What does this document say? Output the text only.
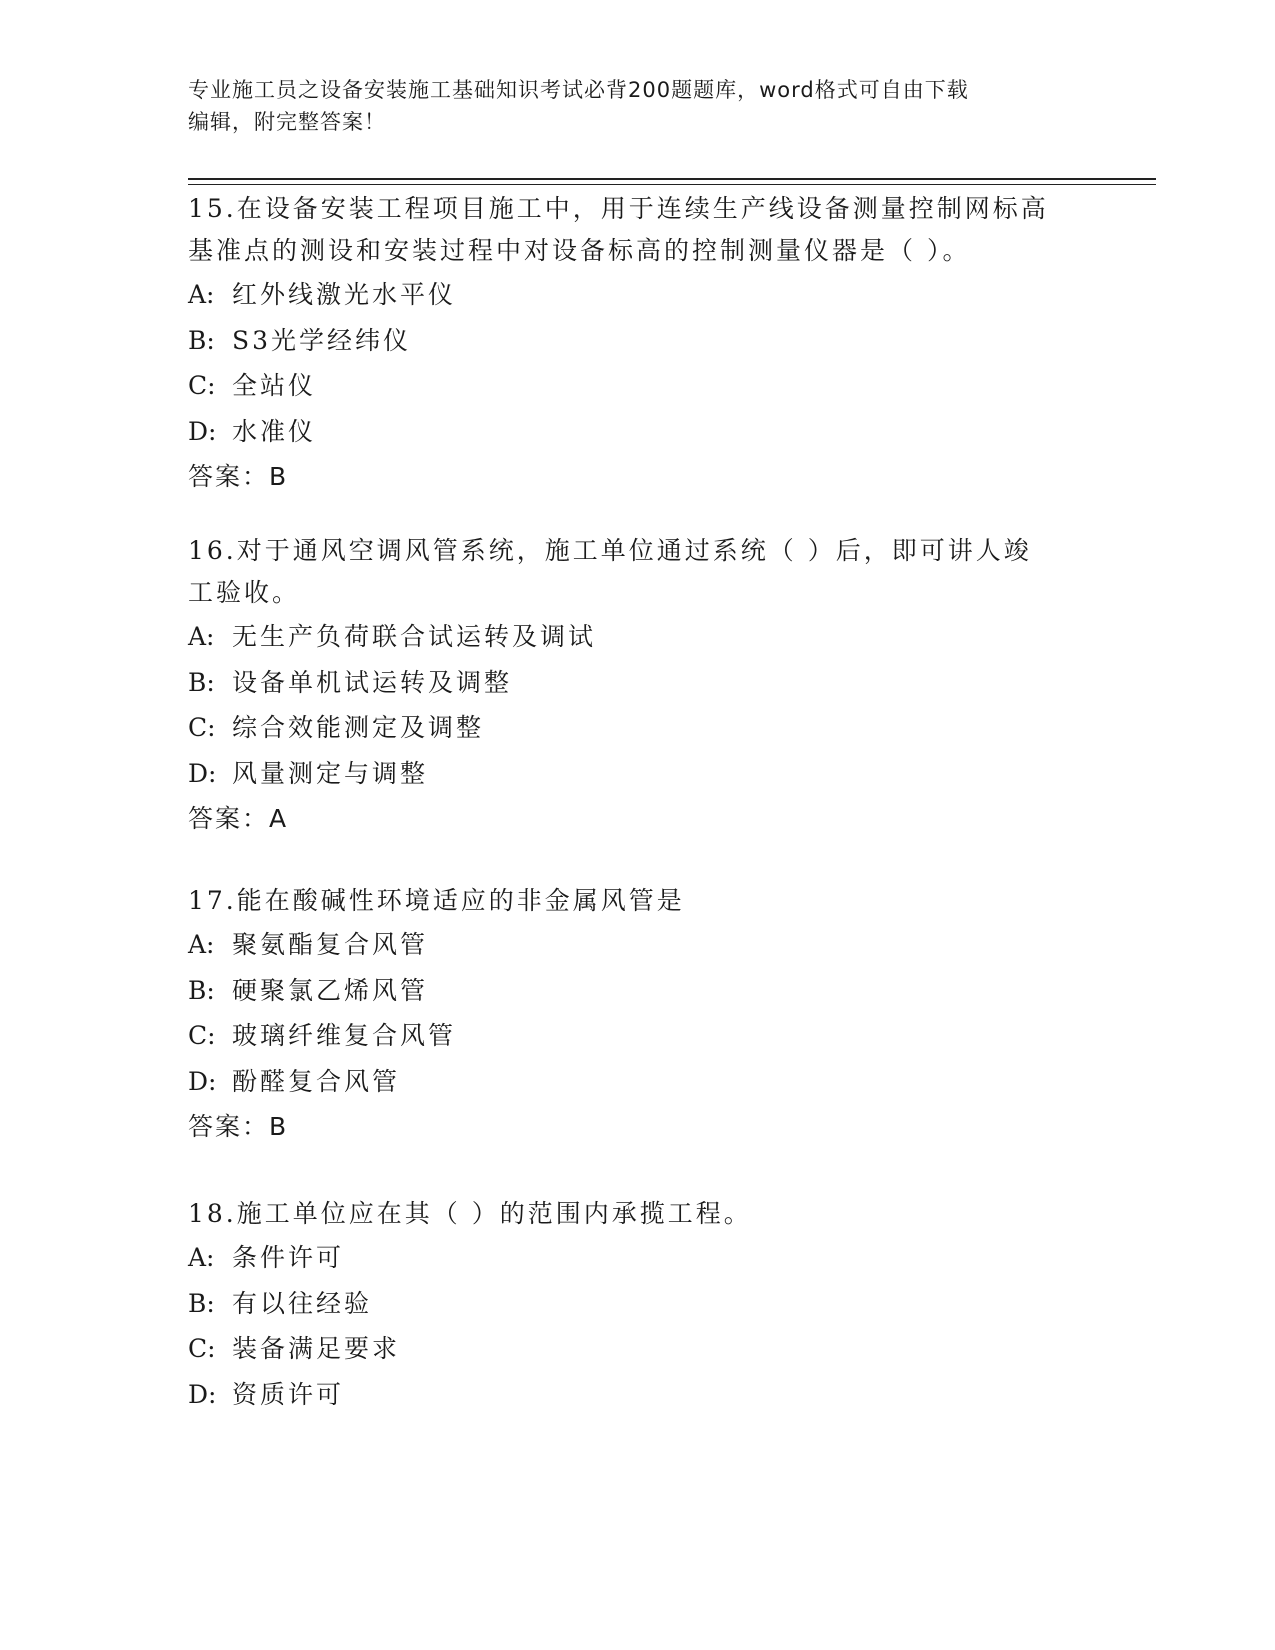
专业施工员之设备安装施工基础知识考试必背200题题库，word格式可自由下载
编辑，附完整答案！

15.在设备安装工程项目施工中，用于连续生产线设备测量控制网标高

基准点的测设和安装过程中对设备标高的控制测量仪器是（ ）。

A: 红外线激光水平仪

B: S3光学经纬仪

C: 全站仪

D: 水准仪

答案：B

16.对于通风空调风管系统，施工单位通过系统（ ）后，即可讲人竣

工验收。

A: 无生产负荷联合试运转及调试

B: 设备单机试运转及调整

C: 综合效能测定及调整

D: 风量测定与调整

答案：A

17.能在酸碱性环境适应的非金属风管是

A: 聚氨酯复合风管

B: 硬聚氯乙烯风管

C: 玻璃纤维复合风管

D: 酚醛复合风管

答案：B

18.施工单位应在其（ ）的范围内承揽工程。

A: 条件许可

B: 有以往经验

C: 装备满足要求

D: 资质许可
